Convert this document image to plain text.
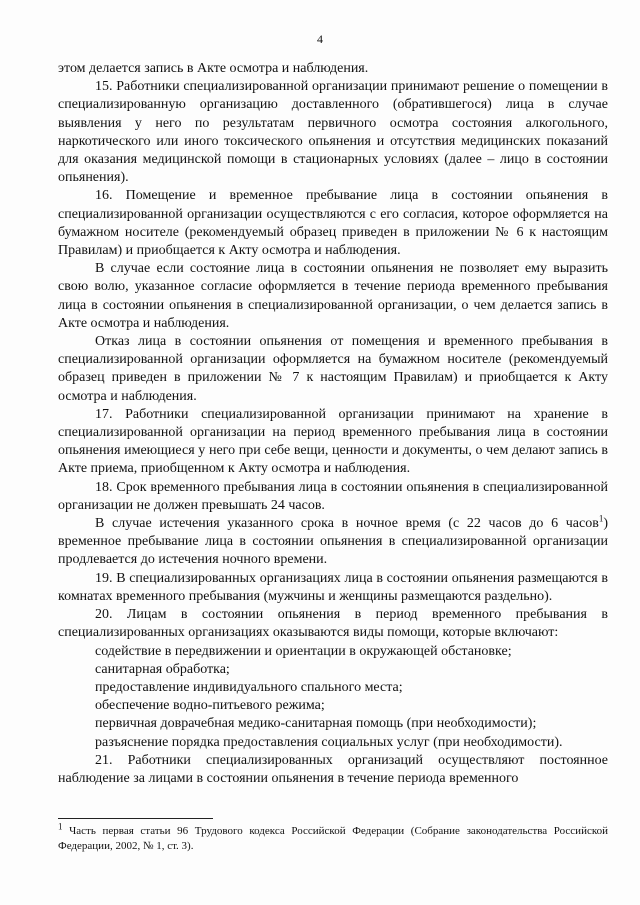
4

этом делается запись в Акте осмотра и наблюдения.

15. Работники специализированной организации принимают решение о помещении в специализированную организацию доставленного (обратившегося) лица в случае выявления у него по результатам первичного осмотра состояния алкогольного, наркотического или иного токсического опьянения и отсутствия медицинских показаний для оказания медицинской помощи в стационарных условиях (далее – лицо в состоянии опьянения).

16. Помещение и временное пребывание лица в состоянии опьянения в специализированной организации осуществляются с его согласия, которое оформляется на бумажном носителе (рекомендуемый образец приведен в приложении № 6 к настоящим Правилам) и приобщается к Акту осмотра и наблюдения.

В случае если состояние лица в состоянии опьянения не позволяет ему выразить свою волю, указанное согласие оформляется в течение периода временного пребывания лица в состоянии опьянения в специализированной организации, о чем делается запись в Акте осмотра и наблюдения.

Отказ лица в состоянии опьянения от помещения и временного пребывания в специализированной организации оформляется на бумажном носителе (рекомендуемый образец приведен в приложении № 7 к настоящим Правилам) и приобщается к Акту осмотра и наблюдения.

17. Работники специализированной организации принимают на хранение в специализированной организации на период временного пребывания лица в состоянии опьянения имеющиеся у него при себе вещи, ценности и документы, о чем делают запись в Акте приема, приобщенном к Акту осмотра и наблюдения.

18. Срок временного пребывания лица в состоянии опьянения в специализированной организации не должен превышать 24 часов.

В случае истечения указанного срока в ночное время (с 22 часов до 6 часов$^1$) временное пребывание лица в состоянии опьянения в специализированной организации продлевается до истечения ночного времени.

19. В специализированных организациях лица в состоянии опьянения размещаются в комнатах временного пребывания (мужчины и женщины размещаются раздельно).

20. Лицам в состоянии опьянения в период временного пребывания в специализированных организациях оказываются виды помощи, которые включают:

содействие в передвижении и ориентации в окружающей обстановке;

санитарная обработка;

предоставление индивидуального спального места;

обеспечение водно-питьевого режима;

первичная доврачебная медико-санитарная помощь (при необходимости);

разъяснение порядка предоставления социальных услуг (при необходимости).

21. Работники специализированных организаций осуществляют постоянное наблюдение за лицами в состоянии опьянения в течение периода временного

$^1$ Часть первая статьи 96 Трудового кодекса Российской Федерации (Собрание законодательства Российской Федерации, 2002, № 1, ст. 3).
